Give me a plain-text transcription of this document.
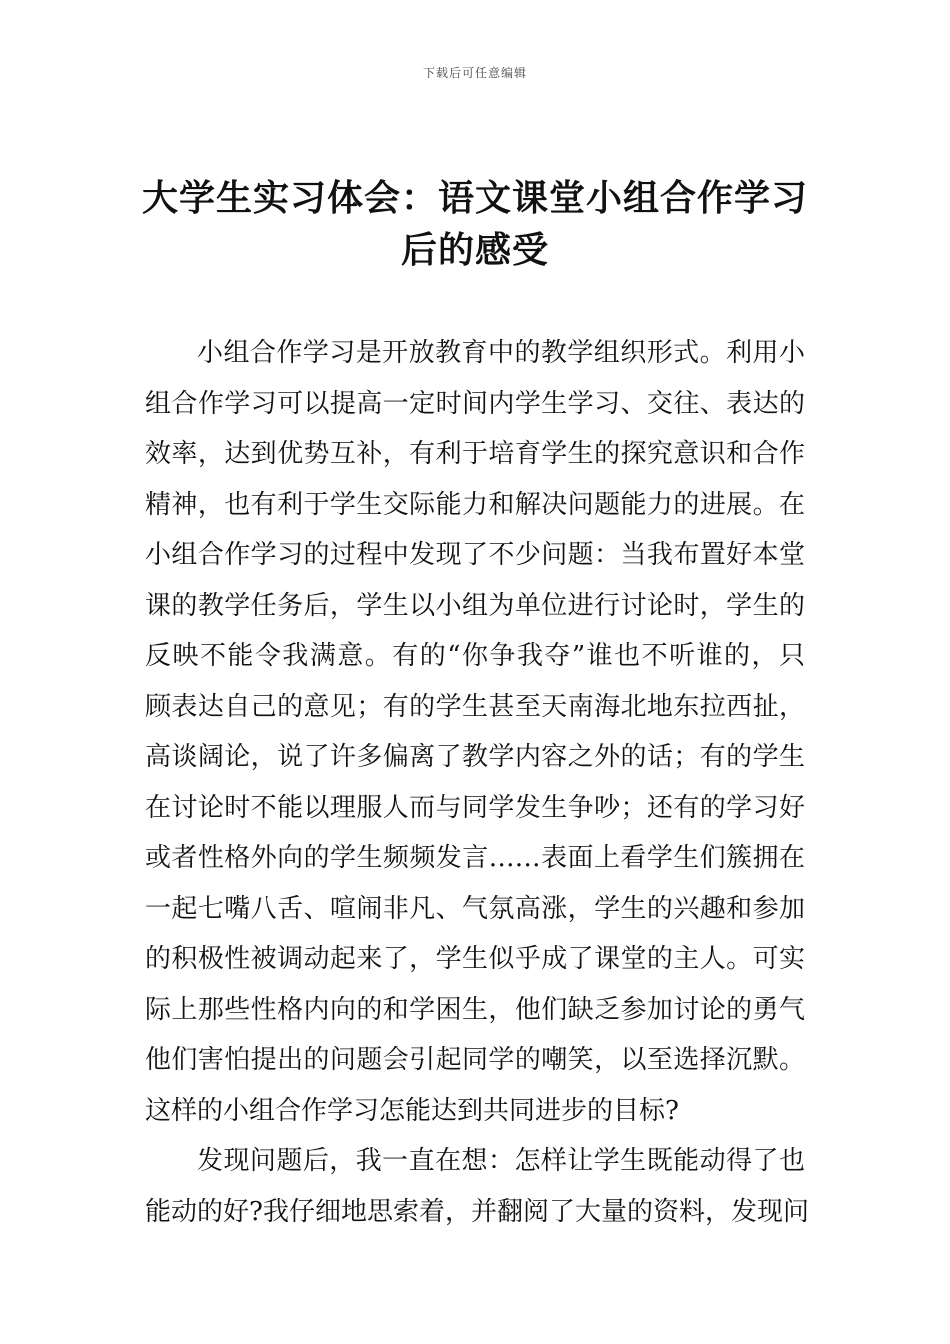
下载后可任意编辑
大学生实习体会：语文课堂小组合作学习
后的感受

小组合作学习是开放教育中的教学组织形式。利用小
组合作学习可以提高一定时间内学生学习、交往、表达的
效率，达到优势互补，有利于培育学生的探究意识和合作
精神，也有利于学生交际能力和解决问题能力的进展。在
小组合作学习的过程中发现了不少问题：当我布置好本堂
课的教学任务后，学生以小组为单位进行讨论时，学生的
反映不能令我满意。有的“你争我夺”谁也不听谁的，只
顾表达自己的意见；有的学生甚至天南海北地东拉西扯，
高谈阔论，说了许多偏离了教学内容之外的话；有的学生
在讨论时不能以理服人而与同学发生争吵；还有的学习好
或者性格外向的学生频频发言……表面上看学生们簇拥在
一起七嘴八舌、喧闹非凡、气氛高涨，学生的兴趣和参加
的积极性被调动起来了，学生似乎成了课堂的主人。可实
际上那些性格内向的和学困生，他们缺乏参加讨论的勇气
他们害怕提出的问题会引起同学的嘲笑，以至选择沉默。
这样的小组合作学习怎能达到共同进步的目标?

发现问题后，我一直在想：怎样让学生既能动得了也
能动的好?我仔细地思索着，并翻阅了大量的资料，发现问
